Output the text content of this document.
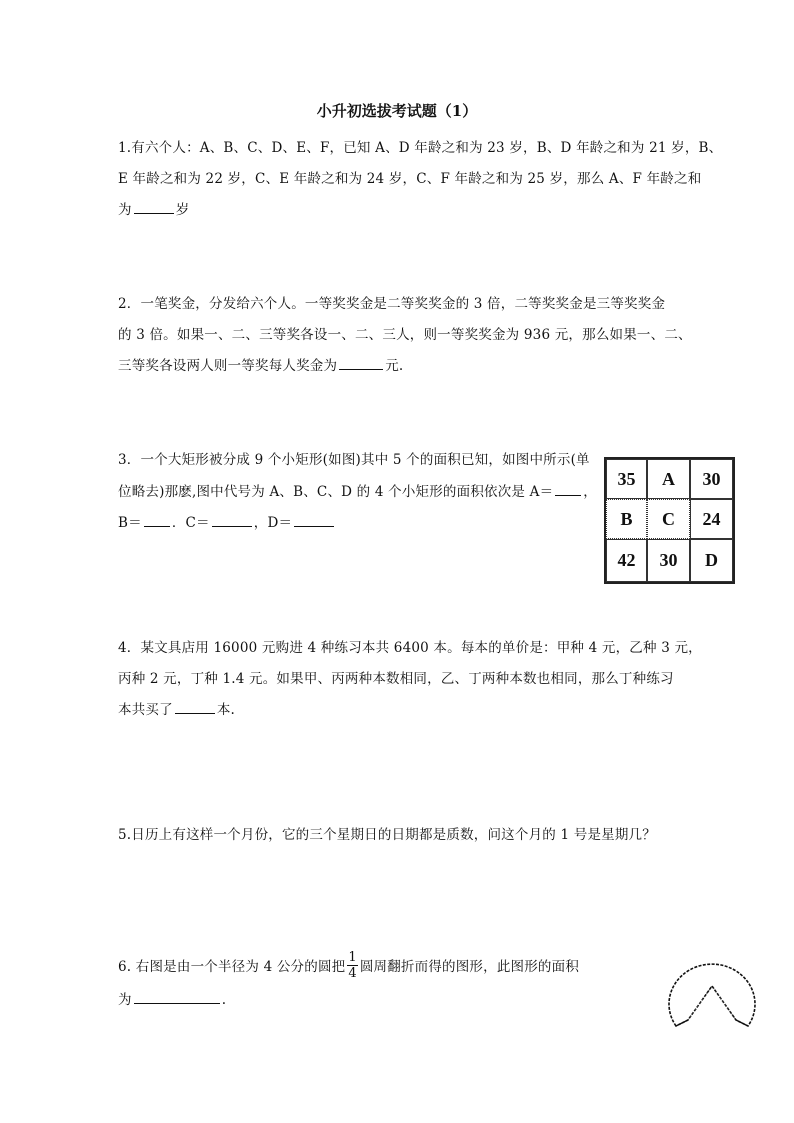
小升初选拔考试题（1）
1.有六个人：A、B、C、D、E、F，已知 A、D 年龄之和为 23 岁，B、D 年龄之和为 21 岁，B、
E 年龄之和为 22 岁，C、E 年龄之和为 24 岁，C、F 年龄之和为 25 岁，那么 A、F 年龄之和
为	岁
2．一笔奖金，分发给六个人。一等奖奖金是二等奖奖金的 3 倍，二等奖奖金是三等奖奖金
的 3 倍。如果一、二、三等奖各设一、二、三人，则一等奖奖金为 936 元，那么如果一、二、
三等奖各设两人则一等奖每人奖金为	元.
3．一个大矩形被分成 9 个小矩形(如图)其中 5 个的面积已知，如图中所示(单
位略去)那麽,图中代号为 A、B、C、D 的 4 个小矩形的面积依次是 A＝ ，
B＝ ．C＝	，D＝
35	A	30
B	C	24
42	30	D
4．某文具店用 16000 元购进 4 种练习本共 6400 本。每本的单价是：甲种 4 元，乙种 3 元，
丙种 2 元，丁种 1.4 元。如果甲、丙两种本数相同，乙、丁两种本数也相同，那么丁种练习
本共买了	本.
5.日历上有这样一个月份，它的三个星期日的日期都是质数，问这个月的 1 号是星期几？
6. 右图是由一个半径为 4 公分的圆把 $\frac{1}{4}$ 圆周翻折而得的图形，此图形的面积
为	.
